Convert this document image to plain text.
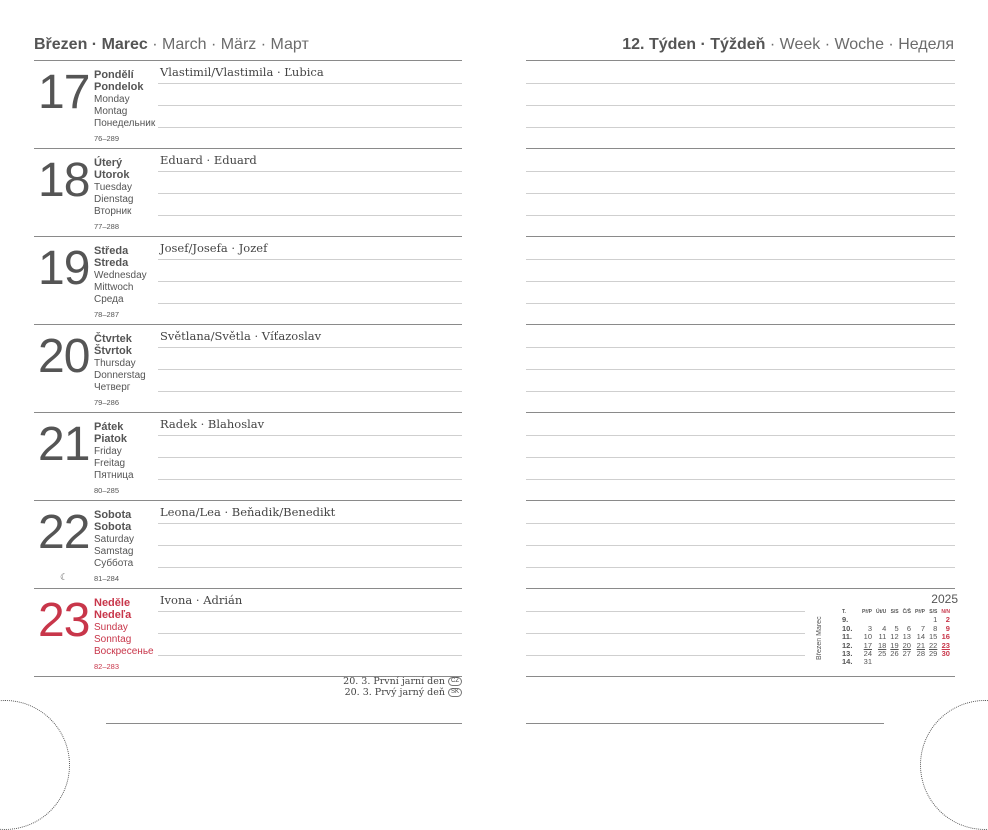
Březen · Marec · March · März · Март
17 Pondělí
Pondelok
Monday
Montag
Понедельник
76–289
Vlastimil/Vlastimila · Ľubica
18 Úterý
Utorok
Tuesday
Dienstag
Вторник
77–288
Eduard · Eduard
19 Středa
Streda
Wednesday
Mittwoch
Среда
78–287
Josef/Josefa · Jozef
20 Čtvrtek
Štvrtok
Thursday
Donnerstag
Четверг
79–286
Světlana/Světla · Víťazoslav
21 Pátek
Piatok
Friday
Freitag
Пятница
80–285
Radek · Blahoslav
22 Sobota
Sobota
Saturday
Samstag
Суббота
81–284
☾
Leona/Lea · Beňadik/Benedikt
23 Neděle
Nedeľa
Sunday
Sonntag
Воскресенье
82–283
Ivona · Adrián
20. 3. První jarní den CZ
20. 3. Prvý jarný deň SK
12. Týden · Týždeň · Week · Woche · Неделя
2025
Březen Marec
T.	Př/P	Út/U	S/S	Č/Š	Př/P	S/S	N/N
9.						1	2
10.	3	4	5	6	7	8	9
11.	10	11	12	13	14	15	16
12.	17	18	19	20	21	22	23
13.	24	25	26	27	28	29	30
14.	31						
